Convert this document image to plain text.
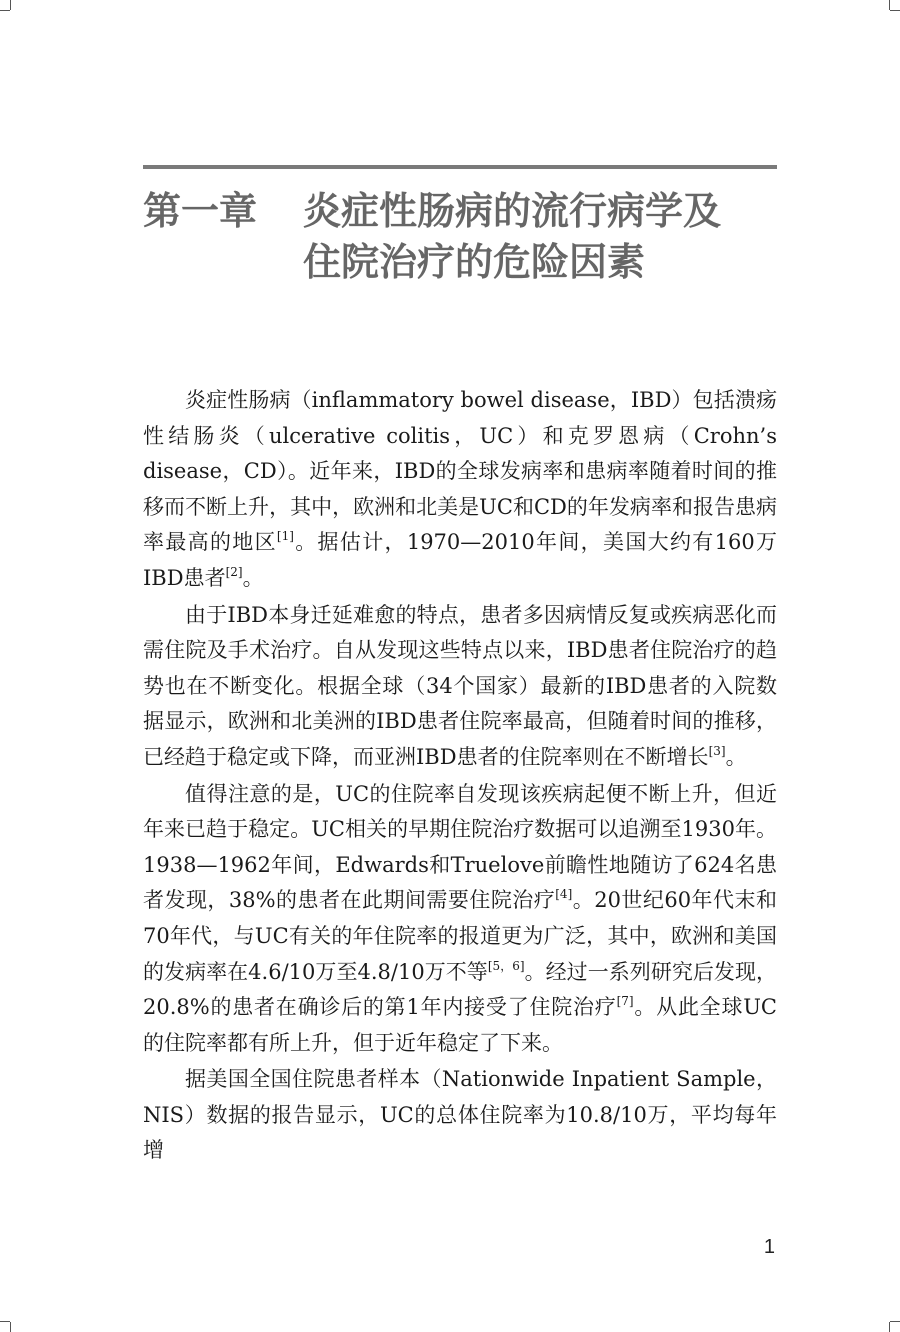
第一章 炎症性肠病的流行病学及
住院治疗的危险因素

炎症性肠病（inflammatory bowel disease，IBD）包括溃疡性结肠炎（ulcerative colitis，UC）和克罗恩病（Crohn’s disease，CD）。近年来，IBD的全球发病率和患病率随着时间的推移而不断上升，其中，欧洲和北美是UC和CD的年发病率和报告患病率最高的地区[1]。据估计，1970—2010年间，美国大约有160万IBD患者[2]。

由于IBD本身迁延难愈的特点，患者多因病情反复或疾病恶化而需住院及手术治疗。自从发现这些特点以来，IBD患者住院治疗的趋势也在不断变化。根据全球（34个国家）最新的IBD患者的入院数据显示，欧洲和北美洲的IBD患者住院率最高，但随着时间的推移，已经趋于稳定或下降，而亚洲IBD患者的住院率则在不断增长[3]。

值得注意的是，UC的住院率自发现该疾病起便不断上升，但近年来已趋于稳定。UC相关的早期住院治疗数据可以追溯至1930年。1938—1962年间，Edwards和Truelove前瞻性地随访了624名患者发现，38%的患者在此期间需要住院治疗[4]。20世纪60年代末和70年代，与UC有关的年住院率的报道更为广泛，其中，欧洲和美国的发病率在4.6/10万至4.8/10万不等[5，6]。经过一系列研究后发现，20.8%的患者在确诊后的第1年内接受了住院治疗[7]。从此全球UC的住院率都有所上升，但于近年稳定了下来。

据美国全国住院患者样本（Nationwide Inpatient Sample，NIS）数据的报告显示，UC的总体住院率为10.8/10万，平均每年增

1
